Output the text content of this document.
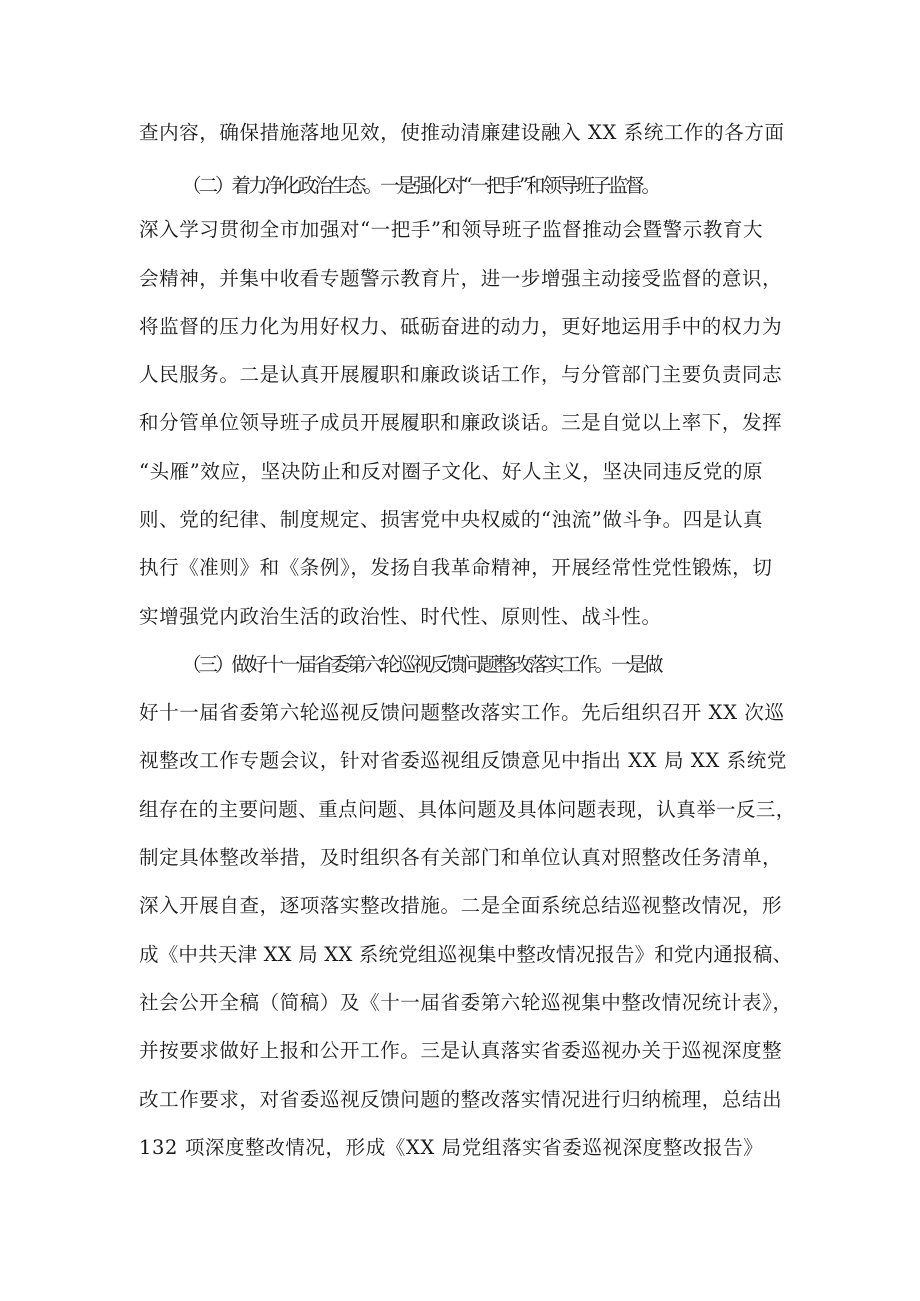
查内容，确保措施落地见效，使推动清廉建设融入 XX 系统工作的各方面
（二）着力净化政治生态。一是强化对“一把手”和领导班子监督。
深入学习贯彻全市加强对“一把手”和领导班子监督推动会暨警示教育大
会精神，并集中收看专题警示教育片，进一步增强主动接受监督的意识，
将监督的压力化为用好权力、砥砺奋进的动力，更好地运用手中的权力为
人民服务。二是认真开展履职和廉政谈话工作，与分管部门主要负责同志
和分管单位领导班子成员开展履职和廉政谈话。三是自觉以上率下，发挥
“头雁”效应，坚决防止和反对圈子文化、好人主义，坚决同违反党的原
则、党的纪律、制度规定、损害党中央权威的“浊流”做斗争。四是认真
执行《准则》和《条例》，发扬自我革命精神，开展经常性党性锻炼，切
实增强党内政治生活的政治性、时代性、原则性、战斗性。
（三）做好十一届省委第六轮巡视反馈问题整改落实工作。一是做
好十一届省委第六轮巡视反馈问题整改落实工作。先后组织召开 XX 次巡
视整改工作专题会议，针对省委巡视组反馈意见中指出 XX 局 XX 系统党
组存在的主要问题、重点问题、具体问题及具体问题表现，认真举一反三，
制定具体整改举措，及时组织各有关部门和单位认真对照整改任务清单，
深入开展自查，逐项落实整改措施。二是全面系统总结巡视整改情况，形
成《中共天津 XX 局 XX 系统党组巡视集中整改情况报告》和党内通报稿、
社会公开全稿（简稿）及《十一届省委第六轮巡视集中整改情况统计表》，
并按要求做好上报和公开工作。三是认真落实省委巡视办关于巡视深度整
改工作要求，对省委巡视反馈问题的整改落实情况进行归纳梳理，总结出
132 项深度整改情况，形成《XX 局党组落实省委巡视深度整改报告》
